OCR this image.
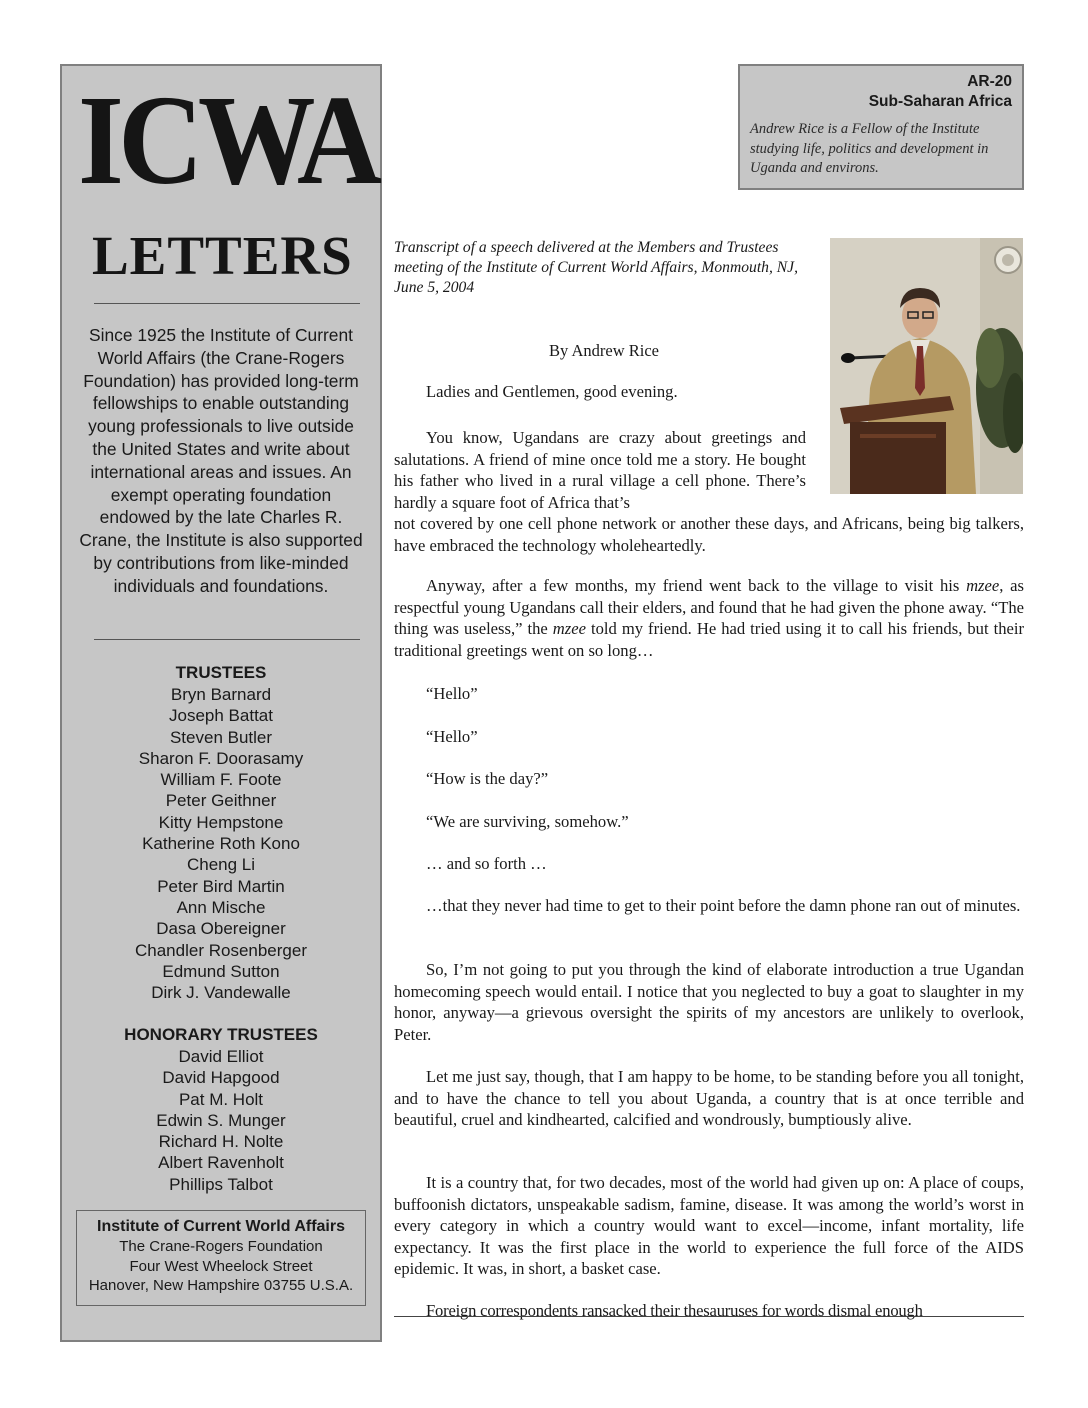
ICWA
LETTERS
Since 1925 the Institute of Current World Affairs (the Crane-Rogers Foundation) has provided long-term fellowships to enable outstanding young professionals to live outside the United States and write about international areas and issues. An exempt operating foundation endowed by the late Charles R. Crane, the Institute is also supported by contributions from like-minded individuals and foundations.
TRUSTEES
Bryn Barnard
Joseph Battat
Steven Butler
Sharon F. Doorasamy
William F. Foote
Peter Geithner
Kitty Hempstone
Katherine Roth Kono
Cheng Li
Peter Bird Martin
Ann Mische
Dasa Obereigner
Chandler Rosenberger
Edmund Sutton
Dirk J. Vandewalle
HONORARY TRUSTEES
David Elliot
David Hapgood
Pat M. Holt
Edwin S. Munger
Richard H. Nolte
Albert Ravenholt
Phillips Talbot
Institute of Current World Affairs
The Crane-Rogers Foundation
Four West Wheelock Street
Hanover, New Hampshire 03755 U.S.A.
AR-20
Sub-Saharan Africa
Andrew Rice is a Fellow of the Institute studying life, politics and development in Uganda and environs.
Transcript of a speech delivered at the Members and Trustees meeting of the Institute of Current World Affairs, Monmouth, NJ, June 5, 2004
By Andrew Rice

Ladies and Gentlemen, good evening.

You know, Ugandans are crazy about greetings and salutations. A friend of mine once told me a story. He bought his father who lived in a rural village a cell phone. There’s hardly a square foot of Africa that’s

not covered by one cell phone network or another these days, and Africans, being big talkers, have embraced the technology wholeheartedly.

Anyway, after a few months, my friend went back to the village to visit his mzee, as respectful young Ugandans call their elders, and found that he had given the phone away. “The thing was useless,” the mzee told my friend. He had tried using it to call his friends, but their traditional greetings went on so long…

“Hello”

“Hello”

“How is the day?”

“We are surviving, somehow.”

… and so forth …

…that they never had time to get to their point before the damn phone ran out of minutes.

So, I’m not going to put you through the kind of elaborate introduction a true Ugandan homecoming speech would entail. I notice that you neglected to buy a goat to slaughter in my honor, anyway—a grievous oversight the spirits of my ancestors are unlikely to overlook, Peter.

Let me just say, though, that I am happy to be home, to be standing before you all tonight, and to have the chance to tell you about Uganda, a country that is at once terrible and beautiful, cruel and kindhearted, calcified and wondrously, bumptiously alive.

It is a country that, for two decades, most of the world had given up on: A place of coups, buffoonish dictators, unspeakable sadism, famine, disease. It was among the world’s worst in every category in which a country would want to excel—income, infant mortality, life expectancy. It was the first place in the world to experience the full force of the AIDS epidemic. It was, in short, a basket case.

Foreign correspondents ransacked their thesauruses for words dismal enough
